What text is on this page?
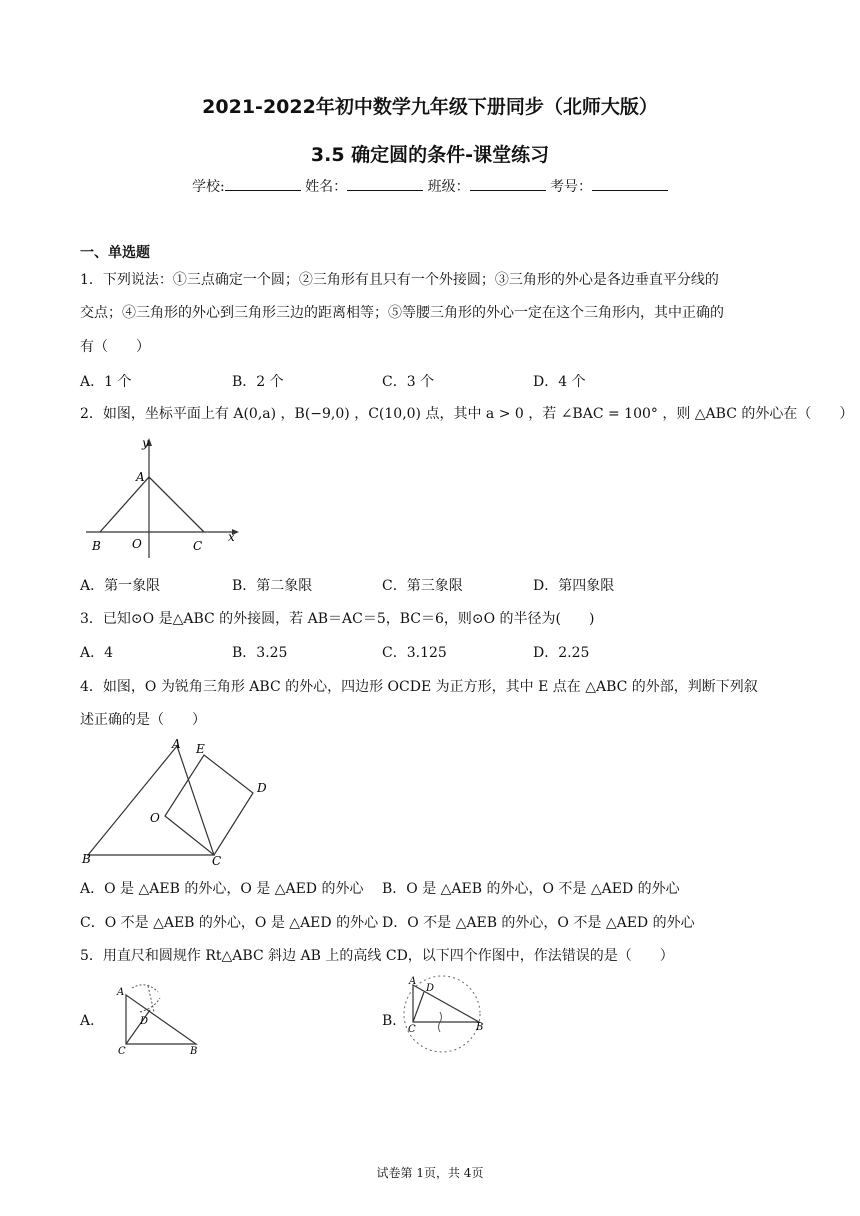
2021-2022年初中数学九年级下册同步（北师大版）
3.5 确定圆的条件-课堂练习
学校:	姓名：	班级：	考号：
一、单选题
1．下列说法：①三点确定一个圆；②三角形有且只有一个外接圆；③三角形的外心是各边垂直平分线的
交点；④三角形的外心到三角形三边的距离相等；⑤等腰三角形的外心一定在这个三角形内，其中正确的
有（　　）
A．1 个	B．2 个	C．3 个	D．4 个
2．如图，坐标平面上有 A(0,a) ，B(−9,0) ，C(10,0) 点，其中 a > 0 ，若 ∠BAC = 100° ，则 △ABC 的外心在（　　）
y
x
A
B	O	C
A．第一象限	B．第二象限	C．第三象限	D．第四象限
3．已知⊙O 是△ABC 的外接圆，若 AB＝AC＝5，BC＝6，则⊙O 的半径为(　　)
A．4	B．3.25	C．3.125	D．2.25
4．如图，O 为锐角三角形 ABC 的外心，四边形 OCDE 为正方形，其中 E 点在 △ABC 的外部，判断下列叙
述正确的是（　　）
A E
D
O
B	C
A．O 是 △AEB 的外心，O 是 △AED 的外心 B．O 是 △AEB 的外心，O 不是 △AED 的外心
C．O 不是 △AEB 的外心，O 是 △AED 的外心 D．O 不是 △AEB 的外心，O 不是 △AED 的外心
5．用直尺和圆规作 Rt△ABC 斜边 AB 上的高线 CD，以下四个作图中，作法错误的是（　　）
A．
A
D
C	B
B．
A
D
C	B
试卷第 1页，共 4页
